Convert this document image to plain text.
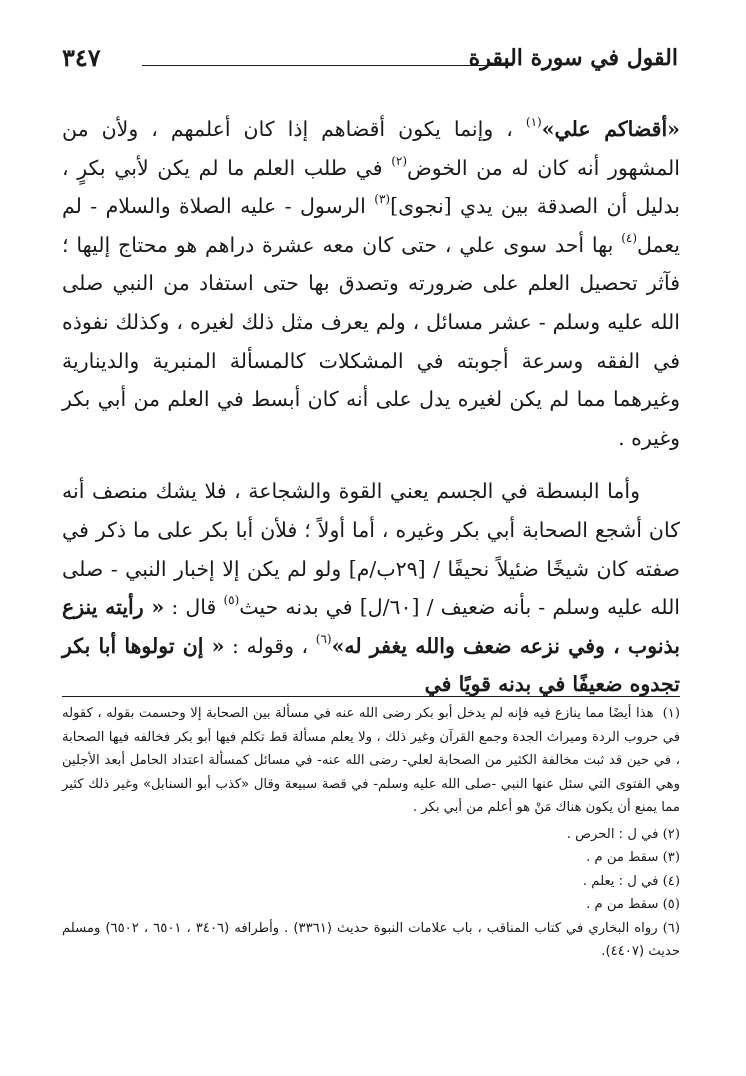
القول في سورة البقرة
٣٤٧

«أقضاكم علي»$^{(١)}$ ، وإنما يكون أقضاهم إذا كان أعلمهم ، ولأن من المشهور أنه كان له من الخوض$^{(٢)}$ في طلب العلم ما لم يكن لأبي بكرٍ ، بدليل أن الصدقة بين يدي [نجوى]$^{(٣)}$ الرسول - عليه الصلاة والسلام - لم يعمل$^{(٤)}$ بها أحد سوى علي ، حتى كان معه عشرة دراهم هو محتاج إليها ؛ فآثر تحصيل العلم على ضرورته وتصدق بها حتى استفاد من النبي صلى الله عليه وسلم - عشر مسائل ، ولم يعرف مثل ذلك لغيره ، وكذلك نفوذه في الفقه وسرعة أجوبته في المشكلات كالمسألة المنبرية والدينارية وغيرهما مما لم يكن لغيره يدل على أنه كان أبسط في العلم من أبي بكر وغيره .

وأما البسطة في الجسم يعني القوة والشجاعة ، فلا يشك منصف أنه كان أشجع الصحابة أبي بكر وغيره ، أما أولاً ؛ فلأن أبا بكر على ما ذكر في صفته كان شيخًا ضئيلاً نحيفًا / [٢٩ب/م] ولو لم يكن إلا إخبار النبي - صلى الله عليه وسلم - بأنه ضعيف / [٦٠/ل] في بدنه حيث$^{(٥)}$ قال : « رأيته ينزع بذنوب ، وفي نزعه ضعف والله يغفر له»$^{(٦)}$ ، وقوله : « إن تولوها أبا بكر تجدوه ضعيفًا في بدنه قويًا في

(١)  هذا أيضًا مما ينازع فيه فإنه لم يدخل أبو بكر رضى الله عنه في مسألة بين الصحابة إلا وحسمت بقوله ، كقوله في حروب الردة وميراث الجدة وجمع القرآن وغير ذلك ، ولا يعلم مسألة قط تكلم فيها أبو بكر فخالفه فيها الصحابة ، في حين قد ثبت مخالفة الكثير من الصحابة لعلي- رضى الله عنه- في مسائل كمسألة اعتداد الحامل أبعد الأجلين وهي الفتوى التي سئل عنها النبي -صلى الله عليه وسلم- في قصة سبيعة وقال «كذب أبو السنابل» وغير ذلك كثير مما يمنع أن يكون هناك مَنْ هو أعلم من أبي بكر .

(٢) في ل : الحرص .

(٣) سقط من م .

(٤) في ل : يعلم .

(٥) سقط من م .

(٦) رواه البخاري في كتاب المناقب ، باب علامات النبوة حديث (٣٣٦١) . وأطرافه (٣٤٠٦ ، ٦٥٠١ ، ٦٥٠٢) ومسلم حديث (٤٤٠٧).
